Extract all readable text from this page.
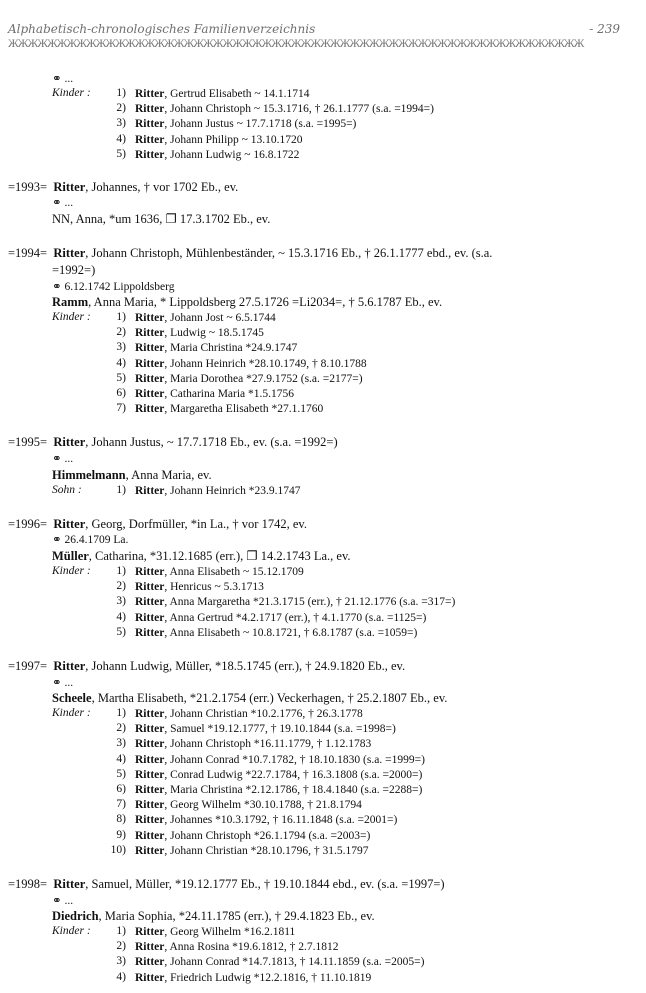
Alphabetisch-chronologisches Familienverzeichnis	- 239
ЖЖЖЖЖЖЖЖЖЖЖЖЖЖЖЖЖЖЖЖЖЖЖЖЖЖЖЖЖЖЖЖЖЖЖЖЖЖЖЖЖЖЖЖЖЖЖЖЖЖЖЖЖЖЖЖЖЖЖ
⚭ ...
Kinder :	1) Ritter, Gertrud Elisabeth ~ 14.1.1714
2) Ritter, Johann Christoph ~ 15.3.1716, † 26.1.1777 (s.a. =1994=)
3) Ritter, Johann Justus ~ 17.7.1718 (s.a. =1995=)
4) Ritter, Johann Philipp ~ 13.10.1720
5) Ritter, Johann Ludwig ~ 16.8.1722
=1993= Ritter, Johannes, † vor 1702 Eb., ev.
⚭ ...
NN, Anna, *um 1636, ❐ 17.3.1702 Eb., ev.
=1994= Ritter, Johann Christoph, Mühlenbeständer, ~ 15.3.1716 Eb., † 26.1.1777 ebd., ev. (s.a.
=1992=)
⚭ 6.12.1742 Lippoldsberg
Ramm, Anna Maria, * Lippoldsberg 27.5.1726 =Li2034=, † 5.6.1787 Eb., ev.
Kinder :	1) Ritter, Johann Jost ~ 6.5.1744
2) Ritter, Ludwig ~ 18.5.1745
3) Ritter, Maria Christina *24.9.1747
4) Ritter, Johann Heinrich *28.10.1749, † 8.10.1788
5) Ritter, Maria Dorothea *27.9.1752 (s.a. =2177=)
6) Ritter, Catharina Maria *1.5.1756
7) Ritter, Margaretha Elisabeth *27.1.1760
=1995= Ritter, Johann Justus, ~ 17.7.1718 Eb., ev. (s.a. =1992=)
⚭ ...
Himmelmann, Anna Maria, ev.
Sohn :	1) Ritter, Johann Heinrich *23.9.1747
=1996= Ritter, Georg, Dorfmüller, *in La., † vor 1742, ev.
⚭ 26.4.1709 La.
Müller, Catharina, *31.12.1685 (err.), ❐ 14.2.1743 La., ev.
Kinder :	1) Ritter, Anna Elisabeth ~ 15.12.1709
2) Ritter, Henricus ~ 5.3.1713
3) Ritter, Anna Margaretha *21.3.1715 (err.), † 21.12.1776 (s.a. =317=)
4) Ritter, Anna Gertrud *4.2.1717 (err.), † 4.1.1770 (s.a. =1125=)
5) Ritter, Anna Elisabeth ~ 10.8.1721, † 6.8.1787 (s.a. =1059=)
=1997= Ritter, Johann Ludwig, Müller, *18.5.1745 (err.), † 24.9.1820 Eb., ev.
⚭ ...
Scheele, Martha Elisabeth, *21.2.1754 (err.) Veckerhagen, † 25.2.1807 Eb., ev.
Kinder :	1) Ritter, Johann Christian *10.2.1776, † 26.3.1778
2) Ritter, Samuel *19.12.1777, † 19.10.1844 (s.a. =1998=)
3) Ritter, Johann Christoph *16.11.1779, † 1.12.1783
4) Ritter, Johann Conrad *10.7.1782, † 18.10.1830 (s.a. =1999=)
5) Ritter, Conrad Ludwig *22.7.1784, † 16.3.1808 (s.a. =2000=)
6) Ritter, Maria Christina *2.12.1786, † 18.4.1840 (s.a. =2288=)
7) Ritter, Georg Wilhelm *30.10.1788, † 21.8.1794
8) Ritter, Johannes *10.3.1792, † 16.11.1848 (s.a. =2001=)
9) Ritter, Johann Christoph *26.1.1794 (s.a. =2003=)
10) Ritter, Johann Christian *28.10.1796, † 31.5.1797
=1998= Ritter, Samuel, Müller, *19.12.1777 Eb., † 19.10.1844 ebd., ev. (s.a. =1997=)
⚭ ...
Diedrich, Maria Sophia, *24.11.1785 (err.), † 29.4.1823 Eb., ev.
Kinder :	1) Ritter, Georg Wilhelm *16.2.1811
2) Ritter, Anna Rosina *19.6.1812, † 2.7.1812
3) Ritter, Johann Conrad *14.7.1813, † 14.11.1859 (s.a. =2005=)
4) Ritter, Friedrich Ludwig *12.2.1816, † 11.10.1819
